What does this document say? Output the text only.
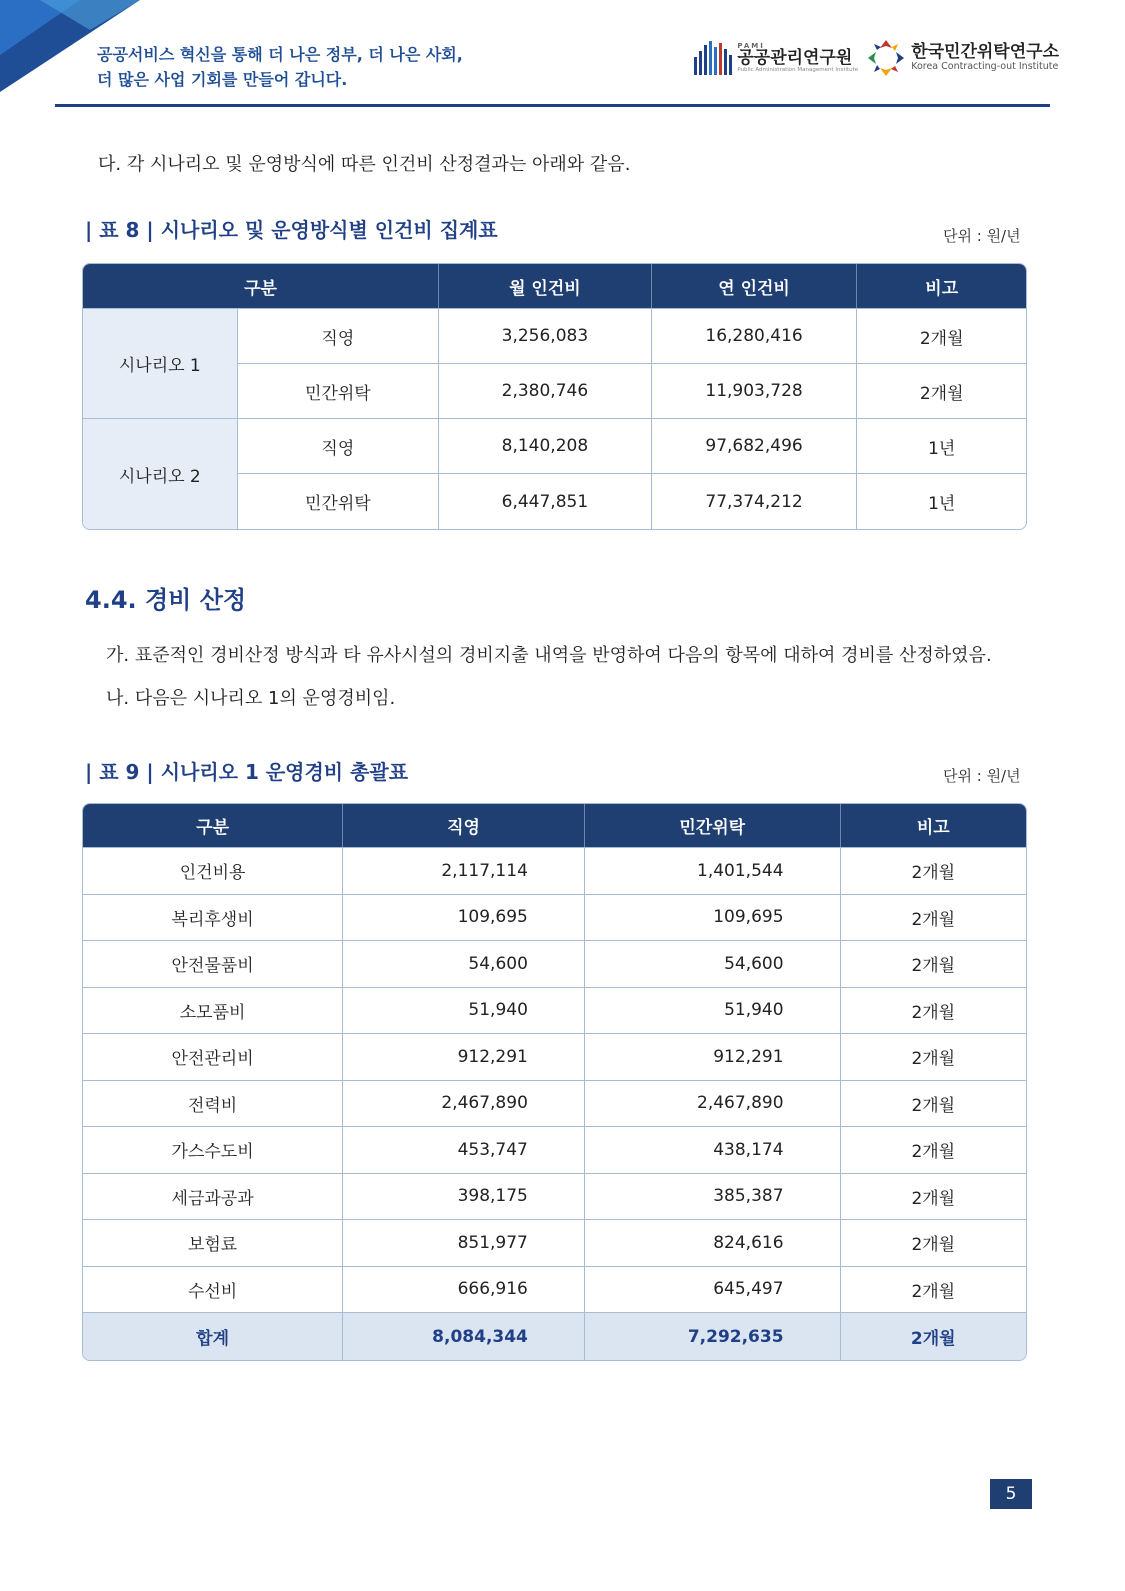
공공서비스 혁신을 통해 더 나은 정부, 더 나은 사회,
더 많은 사업 기회를 만들어 갑니다.
PAMI
공공관리연구원
Public Administration Management Institute
한국민간위탁연구소
Korea Contracting-out Institute
다. 각 시나리오 및 운영방식에 따른 인건비 산정결과는 아래와 같음.
| 표 8 | 시나리오 및 운영방식별 인건비 집계표	단위 : 원/년
구분		월 인건비	연 인건비	비고
시나리오 1	직영	3,256,083	16,280,416	2개월
	민간위탁	2,380,746	11,903,728	2개월
시나리오 2	직영	8,140,208	97,682,496	1년
	민간위탁	6,447,851	77,374,212	1년
4.4. 경비 산정
가. 표준적인 경비산정 방식과 타 유사시설의 경비지출 내역을 반영하여 다음의 항목에 대하여 경비를 산정하였음.
나. 다음은 시나리오 1의 운영경비임.
| 표 9 | 시나리오 1 운영경비 총괄표	단위 : 원/년
구분	직영	민간위탁	비고
인건비용	2,117,114	1,401,544	2개월
복리후생비	109,695	109,695	2개월
안전물품비	54,600	54,600	2개월
소모품비	51,940	51,940	2개월
안전관리비	912,291	912,291	2개월
전력비	2,467,890	2,467,890	2개월
가스수도비	453,747	438,174	2개월
세금과공과	398,175	385,387	2개월
보험료	851,977	824,616	2개월
수선비	666,916	645,497	2개월
합계	8,084,344	7,292,635	2개월
5
